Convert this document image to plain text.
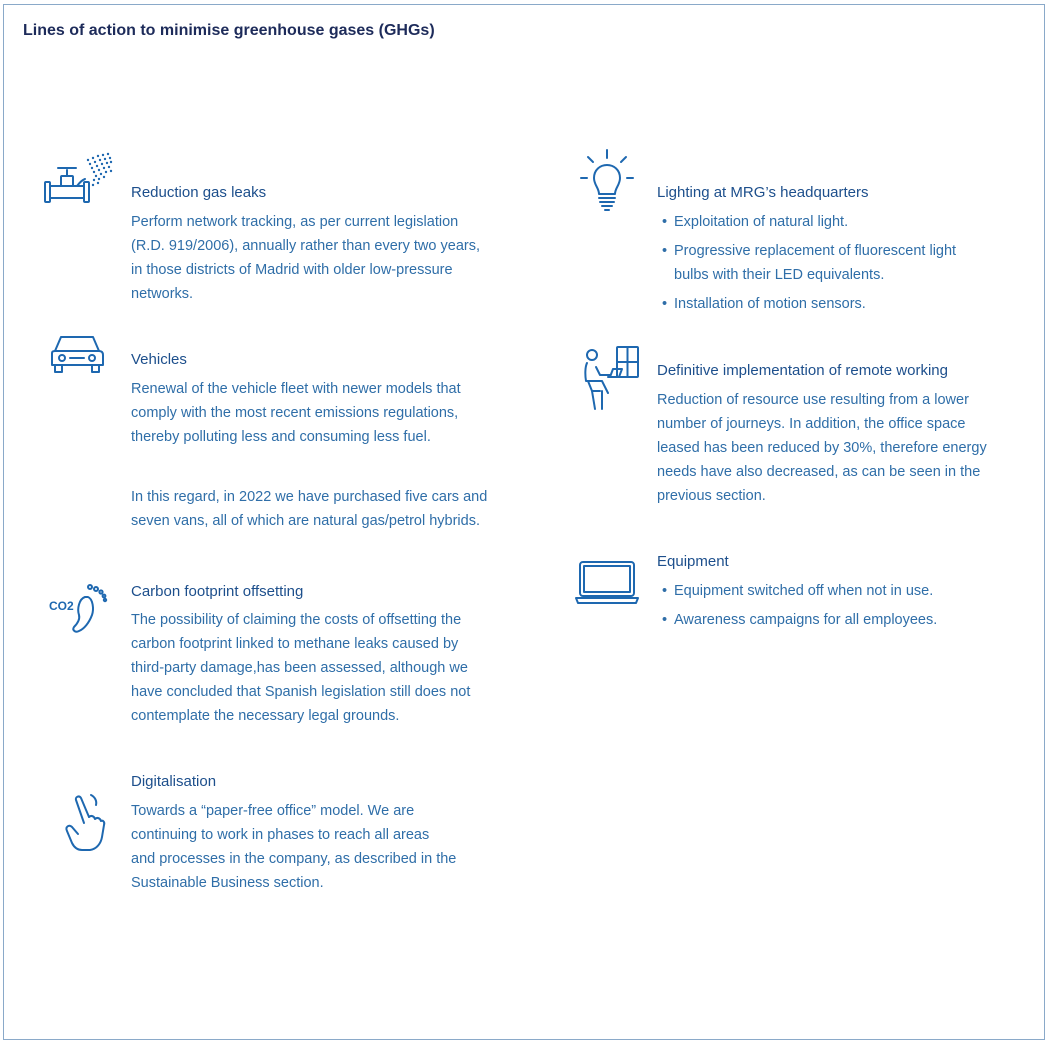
Lines of action to minimise greenhouse gases (GHGs)
Reduction gas leaks

Perform network tracking, as per current legislation

(R.D. 919/2006), annually rather than every two years,

in those districts of Madrid with older low-pressure

networks.

Vehicles

Renewal of the vehicle fleet with newer models that

comply with the most recent emissions regulations,

thereby polluting less and consuming less fuel.

In this regard, in 2022 we have purchased five cars and

seven vans, all of which are natural gas/petrol hybrids.

CO2
Carbon footprint offsetting

The possibility of claiming the costs of offsetting the

carbon footprint linked to methane leaks caused by

third-party damage,has been assessed, although we

have concluded that Spanish legislation still does not

contemplate the necessary legal grounds.

Digitalisation

Towards a “paper-free office” model. We are

continuing to work in phases to reach all areas

and processes in the company, as described in the

Sustainable Business section.

Lighting at MRG’s headquarters
• Exploitation of natural light.
• Progressive replacement of fluorescent light
bulbs with their LED equivalents.
• Installation of motion sensors.
Definitive implementation of remote working

Reduction of resource use resulting from a lower

number of journeys. In addition, the office space

leased has been reduced by 30%, therefore energy

needs have also decreased, as can be seen in the

previous section.

Equipment
• Equipment switched off when not in use.
• Awareness campaigns for all employees.
